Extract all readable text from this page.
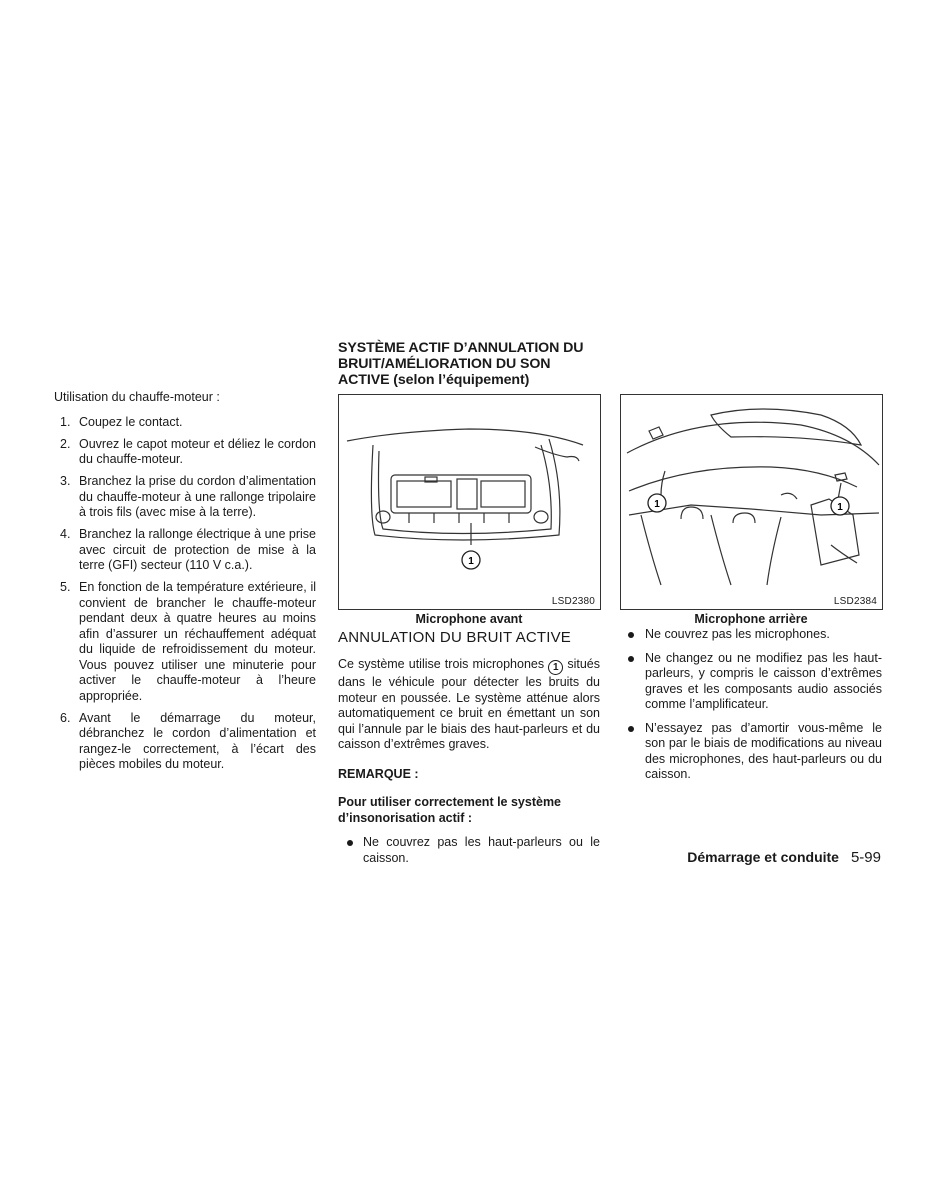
Utilisation du chauffe-moteur :

1. Coupez le contact.
2. Ouvrez le capot moteur et déliez le cordon du chauffe-moteur.
3. Branchez la prise du cordon d’alimentation du chauffe-moteur à une rallonge tripolaire à trois fils (avec mise à la terre).
4. Branchez la rallonge électrique à une prise avec circuit de protection de mise à la terre (GFI) secteur (110 V c.a.).
5. En fonction de la température extérieure, il convient de brancher le chauffe-moteur pendant deux à quatre heures au moins afin d’assurer un réchauffement adéquat du liquide de refroidissement du moteur. Vous pouvez utiliser une minuterie pour activer le chauffe-moteur à l’heure appropriée.
6. Avant le démarrage du moteur, débranchez le cordon d’alimentation et rangez-le correctement, à l’écart des pièces mobiles du moteur.
SYSTÈME ACTIF D’ANNULATION DU BRUIT/AMÉLIORATION DU SON ACTIVE (selon l’équipement)
1
LSD2380
Microphone avant
1	1
LSD2384
Microphone arrière
ANNULATION DU BRUIT ACTIVE

Ce système utilise trois microphones 1 situés dans le véhicule pour détecter les bruits du moteur en poussée. Le système atténue alors automatiquement ce bruit en émettant un son qui l’annule par le biais des haut-parleurs et du caisson d’extrêmes graves.

REMARQUE :

Pour utiliser correctement le système d’insonorisation actif :

Ne couvrez pas les haut-parleurs ou le caisson.
Ne couvrez pas les microphones.
Ne changez ou ne modifiez pas les haut-parleurs, y compris le caisson d’extrêmes graves et les composants audio associés comme l’amplificateur.
N’essayez pas d’amortir vous-même le son par le biais de modifications au niveau des microphones, des haut-parleurs ou du caisson.
Démarrage et conduite 5-99
